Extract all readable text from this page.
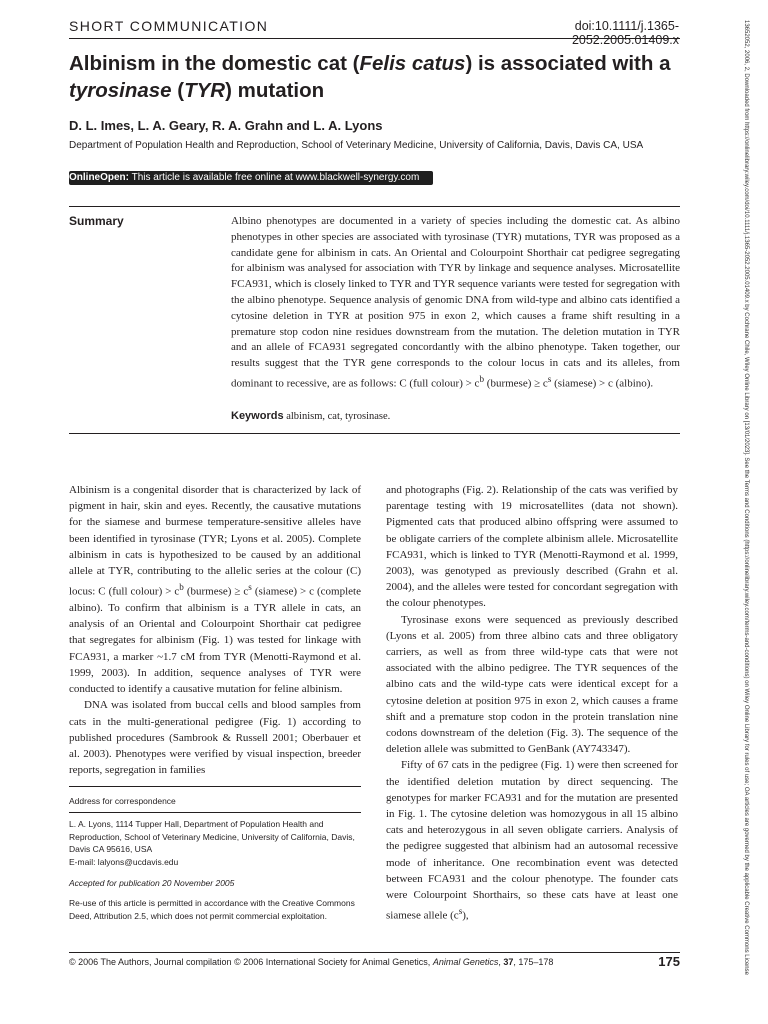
SHORT COMMUNICATION	doi:10.1111/j.1365-2052.2005.01409.x
Albinism in the domestic cat (Felis catus) is associated with a
tyrosinase (TYR) mutation
D. L. Imes, L. A. Geary, R. A. Grahn and L. A. Lyons
Department of Population Health and Reproduction, School of Veterinary Medicine, University of California, Davis, Davis CA, USA
OnlineOpen: This article is available free online at www.blackwell-synergy.com
Summary	Albino phenotypes are documented in a variety of species including the domestic cat. As albino phenotypes in other species are associated with tyrosinase (TYR) mutations, TYR was proposed as a candidate gene for albinism in cats. An Oriental and Colourpoint Shorthair cat pedigree segregating for albinism was analysed for association with TYR by linkage and sequence analyses. Microsatellite FCA931, which is closely linked to TYR and TYR sequence variants were tested for segregation with the albino phenotype. Sequence analysis of genomic DNA from wild-type and albino cats identified a cytosine deletion in TYR at position 975 in exon 2, which causes a frame shift resulting in a premature stop codon nine residues downstream from the mutation. The deletion mutation in TYR and an allele of FCA931 segregated concordantly with the albino phenotype. Taken together, our results suggest that the TYR gene corresponds to the colour locus in cats and its alleles, from dominant to recessive, are as follows: C (full colour) > $c^b$ (burmese) ≥ $c^s$ (siamese) > c (albino).
Keywords albinism, cat, tyrosinase.

Albinism is a congenital disorder that is characterized by lack of pigment in hair, skin and eyes. Recently, the causative mutations for the siamese and burmese temperature-sensitive alleles have been identified in tyrosinase (TYR; Lyons et al. 2005). Complete albinism in cats is hypothesized to be caused by an additional allele at TYR, contributing to the allelic series at the colour (C) locus: C (full colour) > $c^b$ (burmese) ≥ $c^s$ (siamese) > c (complete albino). To confirm that albinism is a TYR allele in cats, an analysis of an Oriental and Colourpoint Shorthair cat pedigree that segregates for albinism (Fig. 1) was tested for linkage with FCA931, a marker ~1.7 cM from TYR (Menotti-Raymond et al. 1999, 2003). In addition, sequence analyses of TYR were conducted to identify a causative mutation for feline albinism.

DNA was isolated from buccal cells and blood samples from cats in the multi-generational pedigree (Fig. 1) according to published procedures (Sambrook & Russell 2001; Oberbauer et al. 2003). Phenotypes were verified by visual inspection, breeder reports, segregation in families

and photographs (Fig. 2). Relationship of the cats was verified by parentage testing with 19 microsatellites (data not shown). Pigmented cats that produced albino offspring were assumed to be obligate carriers of the complete albinism allele. Microsatellite FCA931, which is linked to TYR (Menotti-Raymond et al. 1999, 2003), was genotyped as previously described (Grahn et al. 2004), and the alleles were tested for concordant segregation with the colour phenotypes.

Tyrosinase exons were sequenced as previously described (Lyons et al. 2005) from three albino cats and three obligatory carriers, as well as from three wild-type cats that were not associated with the albino pedigree. The TYR sequences of the albino cats and the wild-type cats were identical except for a cytosine deletion at position 975 in exon 2, which causes a frame shift and a premature stop codon in the protein translation nine codons downstream of the deletion (Fig. 3). The sequence of the deletion allele was submitted to GenBank (AY743347).

Fifty of 67 cats in the pedigree (Fig. 1) were then screened for the identified deletion mutation by direct sequencing. The genotypes for marker FCA931 and for the mutation are presented in Fig. 1. The cytosine deletion was homozygous in all 15 albino cats and heterozygous in all seven obligate carriers. Analysis of the pedigree suggested that albinism had an autosomal recessive mode of inheritance. One recombination event was detected between FCA931 and the colour phenotype. The founder cats were Colourpoint Shorthairs, so these cats have at least one siamese allele $(c^s)$,

Address for correspondence
L. A. Lyons, 1114 Tupper Hall, Department of Population Health and Reproduction, School of Veterinary Medicine, University of California, Davis, Davis CA 95616, USA
E-mail: lalyons@ucdavis.edu
Accepted for publication 20 November 2005
Re-use of this article is permitted in accordance with the Creative Commons Deed, Attribution 2.5, which does not permit commercial exploitation.
© 2006 The Authors, Journal compilation © 2006 International Society for Animal Genetics, Animal Genetics, 37, 175–178	175	13652052, 2006, 2, Downloaded from https://onlinelibrary.wiley.com/doi/10.1111/j.1365-2052.2005.01409.x by Cochrane Chile, Wiley Online Library on [13/01/2023]. See the Terms and Conditions (https://onlinelibrary.wiley.com/terms-and-conditions) on Wiley Online Library for rules of use; OA articles are governed by the applicable Creative Commons License
